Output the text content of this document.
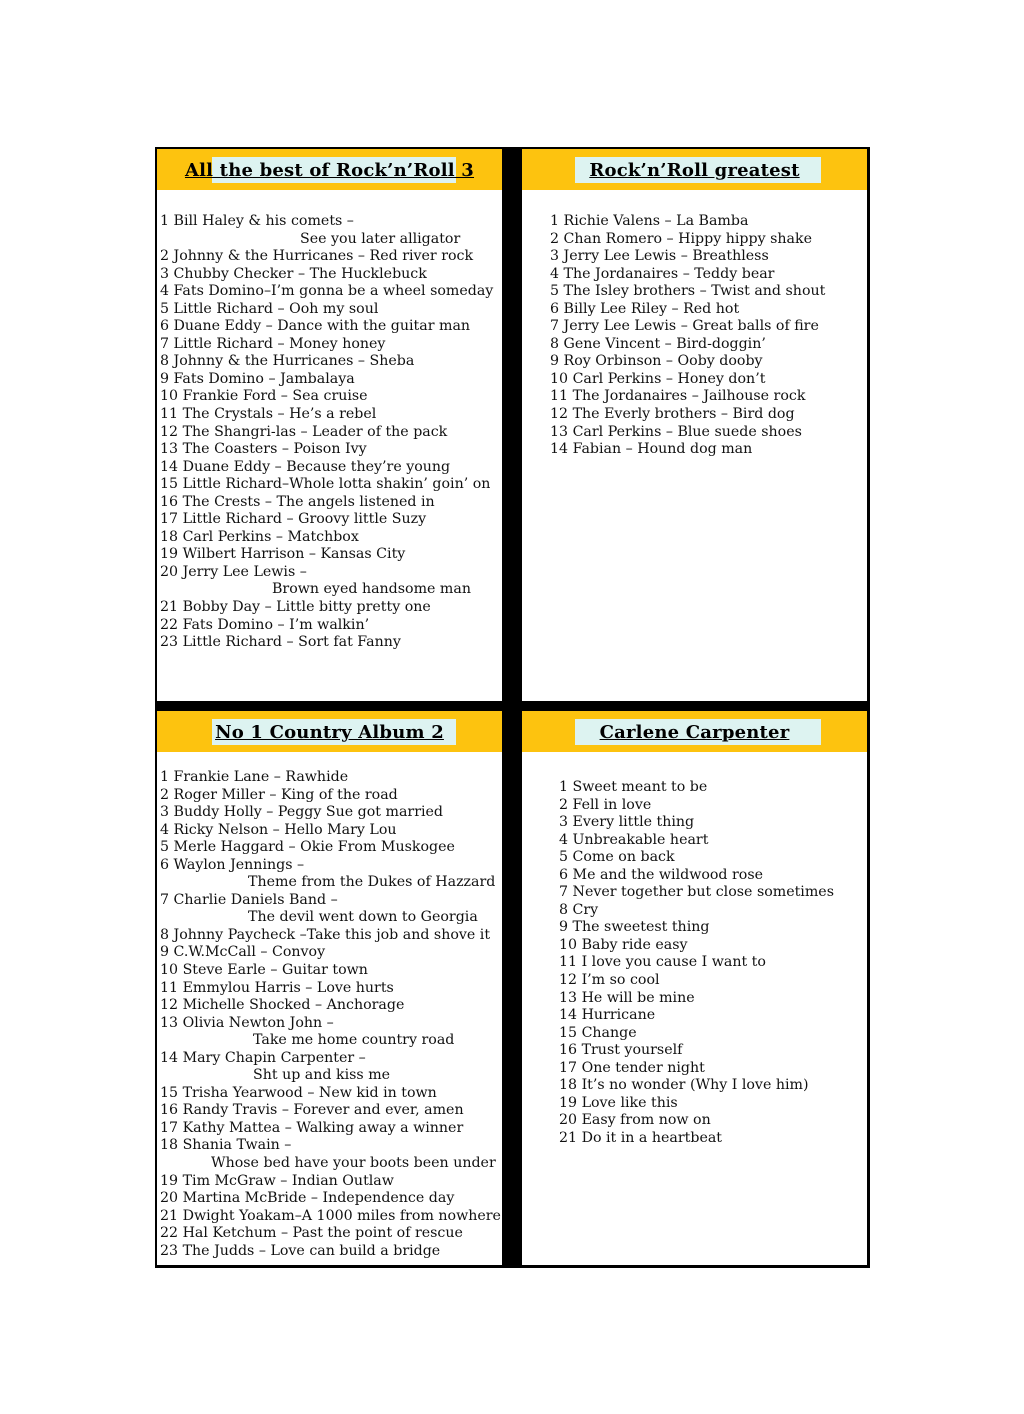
All the best of Rock’n’Roll 3
1 Bill Haley & his comets –
See you later alligator
2 Johnny & the Hurricanes – Red river rock
3 Chubby Checker – The Hucklebuck
4 Fats Domino–I’m gonna be a wheel someday
5 Little Richard – Ooh my soul
6 Duane Eddy – Dance with the guitar man
7 Little Richard – Money honey
8 Johnny & the Hurricanes – Sheba
9 Fats Domino – Jambalaya
10 Frankie Ford – Sea cruise
11 The Crystals – He’s a rebel
12 The Shangri-las – Leader of the pack
13 The Coasters – Poison Ivy
14 Duane Eddy – Because they’re young
15 Little Richard–Whole lotta shakin’ goin’ on
16 The Crests – The angels listened in
17 Little Richard – Groovy little Suzy
18 Carl Perkins – Matchbox
19 Wilbert Harrison – Kansas City
20 Jerry Lee Lewis –
Brown eyed handsome man
21 Bobby Day – Little bitty pretty one
22 Fats Domino – I’m walkin’
23 Little Richard – Sort fat Fanny
Rock’n’Roll greatest
1 Richie Valens – La Bamba
2 Chan Romero – Hippy hippy shake
3 Jerry Lee Lewis – Breathless
4 The Jordanaires – Teddy bear
5 The Isley brothers – Twist and shout
6 Billy Lee Riley – Red hot
7 Jerry Lee Lewis – Great balls of fire
8 Gene Vincent – Bird-doggin’
9 Roy Orbinson – Ooby dooby
10 Carl Perkins – Honey don’t
11 The Jordanaires – Jailhouse rock
12 The Everly brothers – Bird dog
13 Carl Perkins – Blue suede shoes
14 Fabian – Hound dog man
No 1 Country Album 2
1 Frankie Lane – Rawhide
2 Roger Miller – King of the road
3 Buddy Holly – Peggy Sue got married
4 Ricky Nelson – Hello Mary Lou
5 Merle Haggard – Okie From Muskogee
6 Waylon Jennings –
Theme from the Dukes of Hazzard
7 Charlie Daniels Band –
The devil went down to Georgia
8 Johnny Paycheck –Take this job and shove it
9 C.W.McCall – Convoy
10 Steve Earle – Guitar town
11 Emmylou Harris – Love hurts
12 Michelle Shocked – Anchorage
13 Olivia Newton John –
Take me home country road
14 Mary Chapin Carpenter –
Sht up and kiss me
15 Trisha Yearwood – New kid in town
16 Randy Travis – Forever and ever, amen
17 Kathy Mattea – Walking away a winner
18 Shania Twain –
Whose bed have your boots been under
19 Tim McGraw – Indian Outlaw
20 Martina McBride – Independence day
21 Dwight Yoakam–A 1000 miles from nowhere
22 Hal Ketchum – Past the point of rescue
23 The Judds – Love can build a bridge
Carlene Carpenter
1 Sweet meant to be
2 Fell in love
3 Every little thing
4 Unbreakable heart
5 Come on back
6 Me and the wildwood rose
7 Never together but close sometimes
8 Cry
9 The sweetest thing
10 Baby ride easy
11 I love you cause I want to
12 I’m so cool
13 He will be mine
14 Hurricane
15 Change
16 Trust yourself
17 One tender night
18 It’s no wonder (Why I love him)
19 Love like this
20 Easy from now on
21 Do it in a heartbeat
